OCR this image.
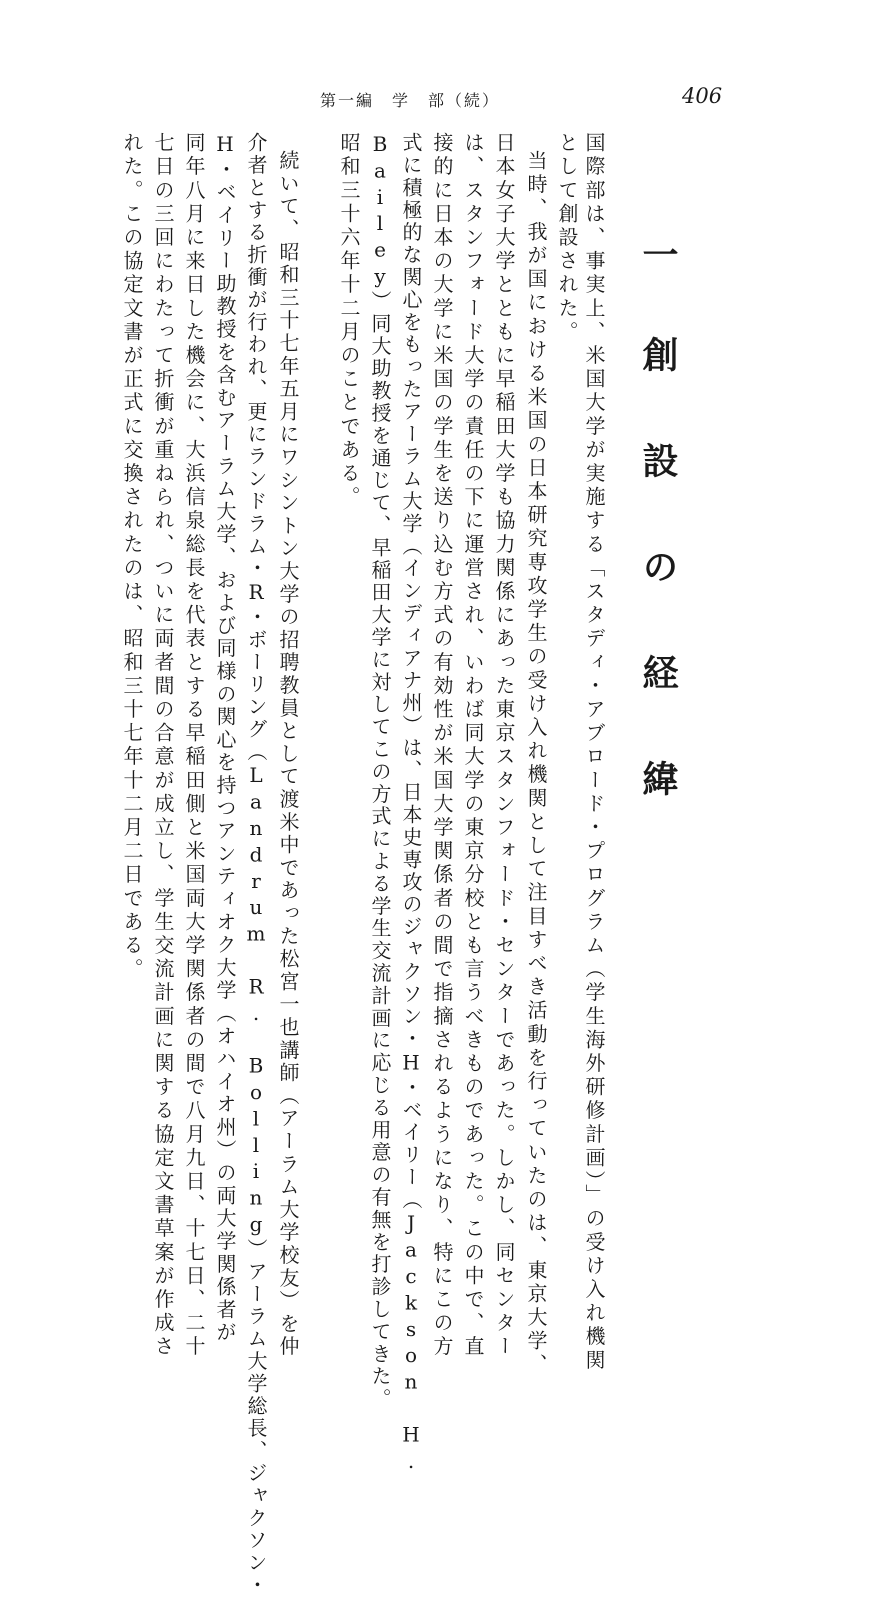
第一編　学　部（続）	406
一　創 設 の 経 緯
国際部は、事実上、米国大学が実施する「スタディ・アブロード・プログラム（学生海外研修計画）」の受け入れ機関
として創設された。
当時、我が国における米国の日本研究専攻学生の受け入れ機関として注目すべき活動を行っていたのは、東京大学、
日本女子大学とともに早稲田大学も協力関係にあった東京スタンフォード・センターであった。しかし、同センター
は、スタンフォード大学の責任の下に運営され、いわば同大学の東京分校とも言うべきものであった。この中で、直
接的に日本の大学に米国の学生を送り込む方式の有効性が米国大学関係者の間で指摘されるようになり、特にこの方
式に積極的な関心をもったアーラム大学（インディアナ州）は、日本史専攻のジャクソン・H・ベイリー（Jackson H.
Bailey）同大助教授を通じて、早稲田大学に対してこの方式による学生交流計画に応じる用意の有無を打診してきた。
昭和三十六年十二月のことである。
続いて、昭和三十七年五月にワシントン大学の招聘教員として渡米中であった松宮一也講師（アーラム大学校友）を仲
介者とする折衝が行われ、更にランドラム・R・ボーリング（Landrum R. Bolling）アーラム大学総長、ジャクソン・
H・ベイリー助教授を含むアーラム大学、および同様の関心を持つアンティオク大学（オハイオ州）の両大学関係者が
同年八月に来日した機会に、大浜信泉総長を代表とする早稲田側と米国両大学関係者の間で八月九日、十七日、二十
七日の三回にわたって折衝が重ねられ、ついに両者間の合意が成立し、学生交流計画に関する協定文書草案が作成さ
れた。この協定文書が正式に交換されたのは、昭和三十七年十二月二日である。
